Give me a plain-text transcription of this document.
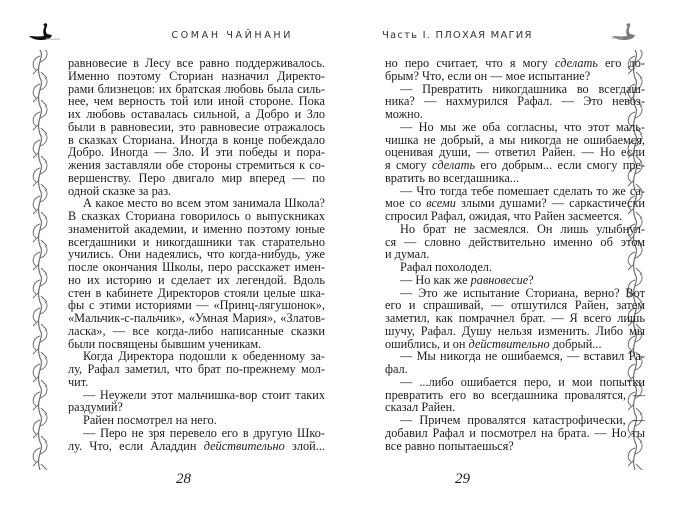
СОМАН ЧАЙНАНИ
равновесие в Лесу все равно поддерживалось.
Именно поэтому Сториан назначил Директо-
рами близнецов: их братская любовь была силь-
нее, чем верность той или иной стороне. Пока
их любовь оставалась сильной, а Добро и Зло
были в равновесии, это равновесие отражалось
в сказках Сториана. Иногда в конце побеждало
Добро. Иногда — Зло. И эти победы и пора-
жения заставляли обе стороны стремиться к со-
вершенству. Перо двигало мир вперед — по
одной сказке за раз.
А какое место во всем этом занимала Школа?
В сказках Сториана говорилось о выпускниках
знаменитой академии, и именно поэтому юные
всегдашники и никогдашники так старательно
учились. Они надеялись, что когда-нибудь, уже
после окончания Школы, перо расскажет имен-
но их историю и сделает их легендой. Вдоль
стен в кабинете Директоров стояли целые шка-
фы с этими историями — «Принц-лягушонок»,
«Мальчик-с-пальчик», «Умная Мария», «Златов-
ласка», — все когда-либо написанные сказки
были посвящены бывшим ученикам.
Когда Директора подошли к обеденному за-
лу, Рафал заметил, что брат по-прежнему мол-
чит.
— Неужели этот мальчишка-вор стоит таких
раздумий?
Райен посмотрел на него.
— Перо не зря перевело его в другую Шко-
лу. Что, если Аладдин действительно злой...
28
Часть I. ПЛОХАЯ МАГИЯ
но перо считает, что я могу сделать его до-
брым? Что, если он — мое испытание?
— Превратить никогдашника во всегдаш-
ника? — нахмурился Рафал. — Это невоз-
можно.
— Но мы же оба согласны, что этот маль-
чишка не добрый, а мы никогда не ошибаемся,
оценивая души, — ответил Райен. — Но если
я смогу сделать его добрым... если смогу пре-
вратить во всегдашника...
— Что тогда тебе помешает сделать то же са-
мое со всеми злыми душами? — саркастически
спросил Рафал, ожидая, что Райен засмеется.
Но брат не засмеялся. Он лишь улыбнул-
ся — словно действительно именно об этом
и думал.
Рафал похолодел.
— Но как же равновесие?
— Это же испытание Сториана, верно? Вот
его и спрашивай, — отшутился Райен, затем
заметил, как помрачнел брат. — Я всего лишь
шучу, Рафал. Душу нельзя изменить. Либо мы
ошиблись, и он действительно добрый...
— Мы никогда не ошибаемся, — вставил Ра-
фал.
— ...либо ошибается перо, и мои попытки
превратить его во всегдашника провалятся, —
сказал Райен.
— Причем провалятся катастрофически, —
добавил Рафал и посмотрел на брата. — Но ты
все равно попытаешься?
29
